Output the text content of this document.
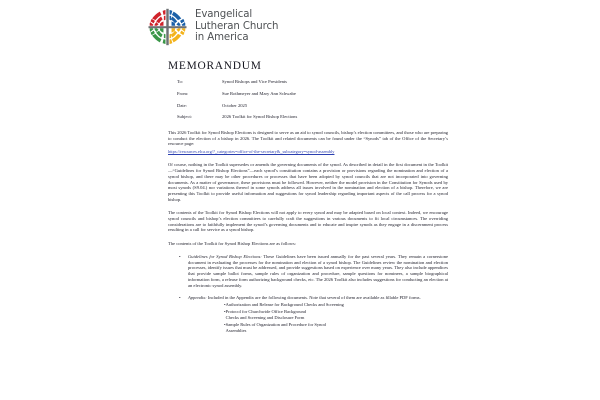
Evangelical
Lutheran Church
in America
MEMORANDUM
To:	Synod Bishops and Vice Presidents
From:	Sue Rothmeyer and Mary Ann Schwabe
Date:	October 2025
Subject:	2026 Toolkit for Synod Bishop Elections

This 2026 Toolkit for Synod Bishop Elections is designed to serve as an aid to synod councils, bishop’s election committees, and those who are preparing to conduct the election of a bishop in 2026. The Toolkit and related documents can be found under the “Synods” tab of the Office of the Secretary’s resource page:

https://resources.elca.org/?_categories=office-of-the-secretary&_subcategory=synod-assembly

Of course, nothing in the Toolkit supersedes or amends the governing documents of the synod. As described in detail in the first document in the Toolkit—“Guidelines for Synod Bishop Elections”—each synod’s constitution contains a provision or provisions regarding the nomination and election of a synod bishop, and there may be other procedures or processes that have been adopted by synod councils that are not incorporated into governing documents. As a matter of governance, these provisions must be followed. However, neither the model provision in the Constitution for Synods used by most synods (S9.04.) nor variations thereof in some synods address all issues involved in the nomination and election of a bishop. Therefore, we are presenting this Toolkit to provide useful information and suggestions for synod leadership regarding important aspects of the call process for a synod bishop.

The contents of the Toolkit for Synod Bishop Elections will not apply to every synod and may be adapted based on local context. Indeed, we encourage synod councils and bishop’s election committees to carefully craft the suggestions in various documents to fit local circumstances. The overriding considerations are to faithfully implement the synod’s governing documents and to educate and inspire synods as they engage in a discernment process resulting in a call for service as a synod bishop.

The contents of the Toolkit for Synod Bishop Elections are as follows:

•	Guidelines for Synod Bishop Elections: These Guidelines have been issued annually for the past several years. They remain a cornerstone document in evaluating the processes for the nomination and election of a synod bishop. The Guidelines review the nomination and election processes, identify issues that must be addressed, and provide suggestions based on experience over many years. They also include appendices that provide sample ballot forms, sample rules of organization and procedure, sample questions for nominees, a sample biographical information form, a release form authorizing background checks, etc. The 2026 Toolkit also includes suggestions for conducting an election at an electronic synod assembly.
•	Appendix: Included in the Appendix are the following documents. Note that several of them are available as fillable PDF forms.
• Authorization and Release for Background Checks and Screening
• Protocol for Churchwide Office Background
Checks and Screening and Disclosure Form
• Sample Rules of Organization and Procedure for Synod
Assemblies
